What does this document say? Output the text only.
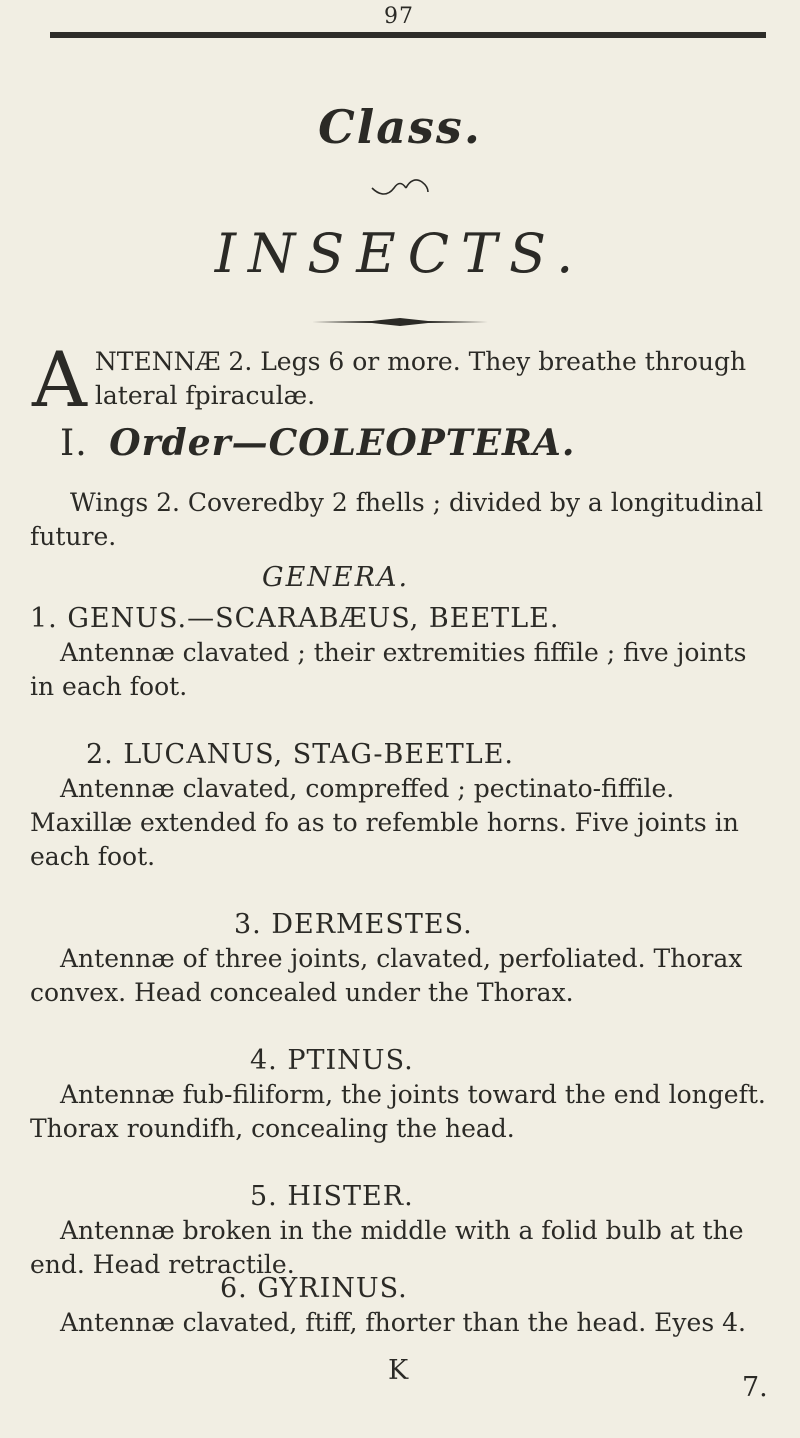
97
Class.
INSECTS.
A NTENNÆ 2. Legs 6 or more. They breathe through lateral fpiraculæ.
I. Order—COLEOPTERA.
Wings 2. Coveredby 2 fhells ; divided by a longitudinal future.
GENERA.
1. GENUS.—SCARABÆUS, BEETLE.
Antennæ clavated ; their extremities fiffile ; five joints in each foot.
2. LUCANUS, STAG-BEETLE.
Antennæ clavated, compreffed ; pectinato-fiffile. Maxillæ extended fo as to refemble horns. Five joints in each foot.
3. DERMESTES.
Antennæ of three joints, clavated, perfoliated. Thorax convex. Head concealed under the Thorax.
4. PTINUS.
Antennæ fub-filiform, the joints toward the end longeft. Thorax roundifh, concealing the head.
5. HISTER.
Antennæ broken in the middle with a folid bulb at the end. Head retractile.
6. GYRINUS.
Antennæ clavated, ftiff, fhorter than the head. Eyes 4.
K
7.
